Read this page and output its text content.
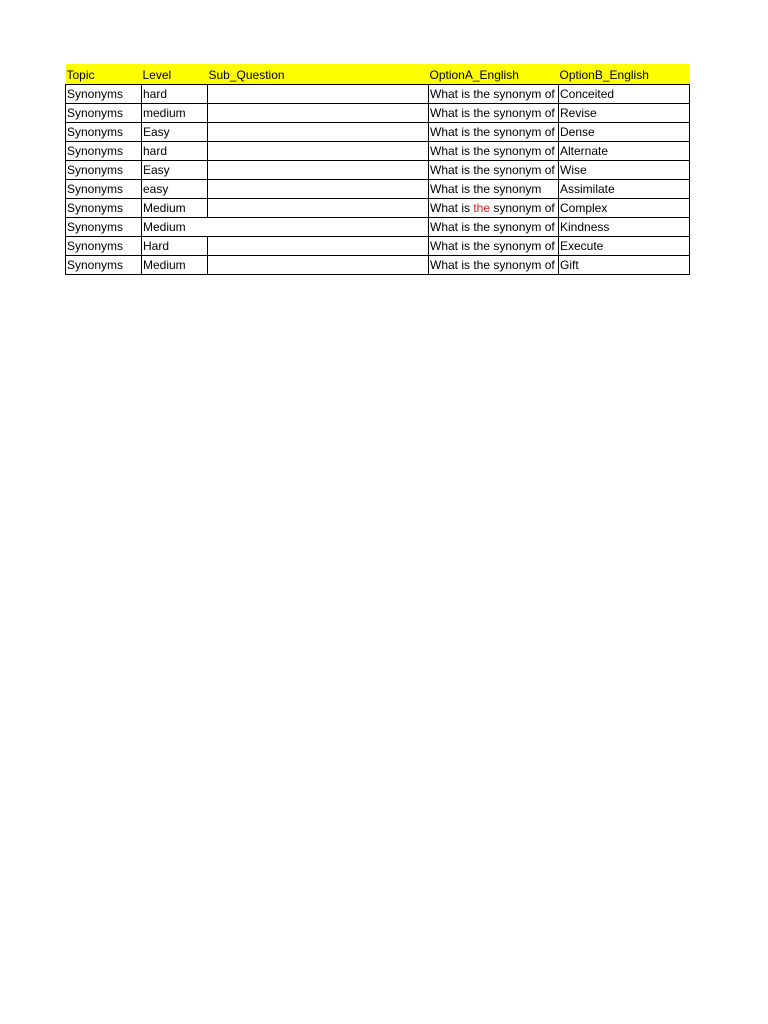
Topic	Level	Sub_Question	OptionA_English	OptionB_English
Synonyms	hard		What is the synonym of	Conceited
Synonyms	medium		What is the synonym of	Revise
Synonyms	Easy		What is the synonym of	Dense
Synonyms	hard		What is the synonym of	Alternate
Synonyms	Easy		What is the synonym of	Wise
Synonyms	easy		What is the synonym	Assimilate
Synonyms	Medium		What is the synonym of	Complex
Synonyms	Medium		What is the synonym of	Kindness
Synonyms	Hard		What is the synonym of	Execute
Synonyms	Medium		What is the synonym of	Gift
